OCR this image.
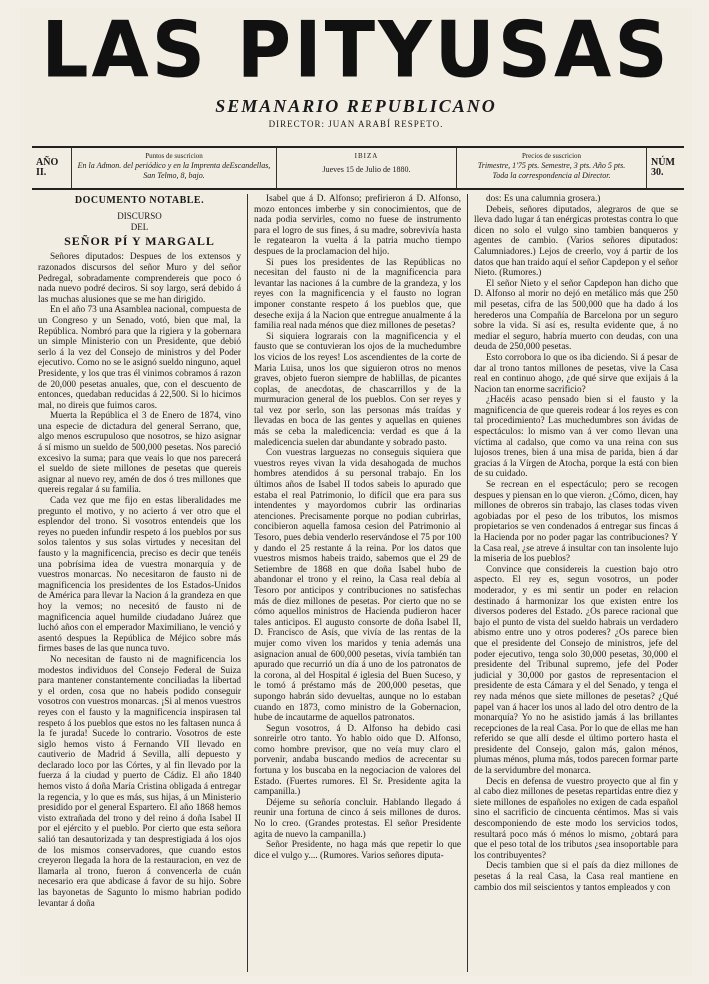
LAS PITYUSAS
SEMANARIO REPUBLICANO
DIRECTOR: JUAN ARABÍ RESPETO.
AÑO II.
Puntos de suscricion
En la Admon. del periódico y en la Imprenta deEscandellas, San Telmo, 8, bajo.
IBIZA
Jueves 15 de Julio de 1880.
Precios de suscricion
Trimestre, 1'75 pts. Semestre, 3 pts. Año 5 pts.
Toda la correspondencia al Director.
NÚM 30.
DOCUMENTO NOTABLE.
DISCURSO
DEL
SEÑOR PÍ Y MARGALL

Señores diputados: Despues de los extensos y razonados discursos del señor Muro y del señor Pedregal, sobradamente comprendereis que poco ó nada nuevo podré deciros. Si soy largo, será debido á las muchas alusiones que se me han dirigido.

En el año 73 una Asamblea nacional, compuesta de un Congreso y un Senado, votó, bien que mal, la República. Nombró para que la rigiera y la gobernara un simple Ministerio con un Presidente, que debió serlo á la vez del Consejo de ministros y del Poder ejecutivo. Como no se le asignó sueldo ninguno, aquel Presidente, y los que tras él vinimos cobramos á razon de 20,000 pesetas anuales, que, con el descuento de entonces, quedaban reducidas á 22,500. Si lo hicimos mal, no direis que fuimos caros.

Muerta la República el 3 de Enero de 1874, vino una especie de dictadura del general Serrano, que, algo menos escrupuloso que nosotros, se hizo asignar á sí mismo un sueldo de 500,000 pesetas. Nos pareció excesivo la suma; para que veais lo que nos parecerá el sueldo de siete millones de pesetas que quereis asignar al nuevo rey, amén de dos ó tres millones que quereis regalar á su familia.

Cada vez que me fijo en estas liberalidades me pregunto el motivo, y no acierto á ver otro que el esplendor del trono. Si vosotros entendeis que los reyes no pueden infundir respeto á los pueblos por sus solos talentos y sus solas virtudes y necesitan del fausto y la magnificencia, preciso es decir que tenéis una pobrísima idea de vuestra monarquía y de vuestros monarcas. No necesitaron de fausto ni de magnificencia los presidentes de los Estados-Unidos de América para llevar la Nacion á la grandeza en que hoy la vemos; no necesitó de fausto ni de magnificencia aquel humilde ciudadano Juárez que luchó años con el emperador Maximiliano, le venció y asentó despues la República de Méjico sobre más firmes bases de las que nunca tuvo.

No necesitan de fausto ni de magnificencia los modestos individuos del Consejo Federal de Suiza para mantener constantemente conciliadas la libertad y el orden, cosa que no habeis podido conseguir vosotros con vuestros monarcas. ¡Si al menos vuestros reyes con el fausto y la magnificencia inspirasen tal respeto á los pueblos que estos no les faltasen nunca á la fe jurada! Sucede lo contrario. Vosotros de este siglo hemos visto á Fernando VII llevado en cautiverio de Madrid á Sevilla, allí depuesto y declarado loco por las Córtes, y al fin llevado por la fuerza á la ciudad y puerto de Cádiz. El año 1840 hemos visto á doña María Cristina obligada á entregar la regencia, y lo que es más, sus hijas, á un Ministerio presidido por el general Espartero. El año 1868 hemos visto extrañada del trono y del reino á doña Isabel II por el ejército y el pueblo. Por cierto que esta señora salió tan desautorizada y tan desprestigiada á los ojos de los mismos conservadores, que cuando estos creyeron llegada la hora de la restauracion, en vez de llamarla al trono, fueron á convencerla de cuán necesario era que abdicase á favor de su hijo. Sobre las bayonetas de Sagunto lo mismo habrian podido levantar á doña

Isabel que á D. Alfonso; prefirieron á D. Alfonso, mozo entonces imberbe y sin conocimientos, que de nada podia servirles, como no fuese de instrumento para el logro de sus fines, á su madre, sobrevivía hasta le regatearon la vuelta á la patria mucho tiempo despues de la proclamacion del hijo.

Si pues los presidentes de las Repúblicas no necesitan del fausto ni de la magnificencia para levantar las naciones á la cumbre de la grandeza, y los reyes con la magnificencia y el fausto no logran imponer constante respeto á los pueblos que, que deseche exija á la Nacion que entregue anualmente á la familia real nada ménos que diez millones de pesetas?

Si siquiera lograrais con la magnificencia y el fausto que se contuvieran los ojos de la muchedumbre los vicios de los reyes! Los ascendientes de la corte de Maria Luisa, unos los que siguieron otros no menos graves, objeto fueron siempre de hablillas, de picantes coplas, de anecdotas, de chascarrillos y de la murmuracion general de los pueblos. Con ser reyes y tal vez por serlo, son las personas más traídas y llevadas en boca de las gentes y aquellas en quienes más se ceba la maledicencia: verdad es que á la maledicencia suelen dar abundante y sobrado pasto.

Con vuestras larguezas no conseguis siquiera que vuestros reyes vivan la vida desahogada de muchos hombres atendidos á su personal trabajo. En los últimos años de Isabel II todos sabeis lo apurado que estaba el real Patrimonio, lo difícil que era para sus intendentes y mayordomos cubrir las ordinarias atenciones. Precisamente porque no podian cubrirlas, concibieron aquella famosa cesion del Patrimonio al Tesoro, pues debia venderlo reservándose el 75 por 100 y dando el 25 restante á la reina. Por los datos que vuestros mismos habeis traido, sabemos que el 29 de Setiembre de 1868 en que doña Isabel hubo de abandonar el trono y el reino, la Casa real debía al Tesoro por anticipos y contribuciones no satisfechas más de diez millones de pesetas. Por cierto que no se cómo aquellos ministros de Hacienda pudieron hacer tales anticipos. El augusto consorte de doña Isabel II, D. Francisco de Asís, que vivía de las rentas de la mujer como viven los maridos y tenia además una asignacion anual de 600,000 pesetas, vivía también tan apurado que recurrió un día á uno de los patronatos de la corona, al del Hospital é iglesia del Buen Suceso, y le tomó á préstamo más de 200,000 pesetas, que supongo habrán sido devueltas, aunque no lo estaban cuando en 1873, como ministro de la Gobernacion, hube de incautarme de aquellos patronatos.

Segun vosotros, á D. Alfonso ha debido casi sonreirle otro tanto. Yo hablo oido que D. Alfonso, como hombre previsor, que no veía muy claro el porvenir, andaba buscando medios de acrecentar su fortuna y los buscaba en la negociacion de valores del Estado. (Fuertes rumores. El Sr. Presidente agita la campanilla.)

Déjeme su señoría concluir. Hablando llegado á reunir una fortuna de cinco á seis millones de duros. No lo creo. (Grandes protestas. El señor Presidente agita de nuevo la campanilla.)

Señor Presidente, no haga más que repetir lo que dice el vulgo y.... (Rumores. Varios señores diputa-

dos: Es una calumnia grosera.)

Debeis, señores diputados, alegraros de que se lleva dado lugar á tan enérgicas protestas contra lo que dicen no solo el vulgo sino tambien banqueros y agentes de cambio. (Varios señores diputados: Calumniadores.) Lejos de creerlo, voy á partir de los datos que han traido aquí el señor Capdepon y el señor Nieto. (Rumores.)

El señor Nieto y el señor Capdepon han dicho que D. Alfonso al morir no dejó en metálico más que 250 mil pesetas, cifra de las 500,000 que ha dado á los herederos una Compañía de Barcelona por un seguro sobre la vida. Si así es, resulta evidente que, á no mediar el seguro, habría muerto con deudas, con una deuda de 250,000 pesetas.

Esto corrobora lo que os iba diciendo. Si á pesar de dar al trono tantos millones de pesetas, vive la Casa real en continuo ahogo, ¿de qué sirve que exijais á la Nacion tan enorme sacrificio?

¿Hacéis acaso pensado bien si el fausto y la magnificencia de que quereis rodear á los reyes es con tal procedimiento? Las muchedumbres son ávidas de espectáculos: lo mismo van á ver como llevan una víctima al cadalso, que como va una reina con sus lujosos trenes, bien á una misa de parida, bien á dar gracias á la Vírgen de Atocha, porque la está con bien de su cuidado.

Se recrean en el espectáculo; pero se recogen despues y piensan en lo que vieron. ¿Cómo, dicen, hay millones de obreros sin trabajo, las clases todas viven agobiadas por el peso de los tributos, los mismos propietarios se ven condenados á entregar sus fincas á la Hacienda por no poder pagar las contribuciones? Y la Casa real, ¿se atreve á insultar con tan insolente lujo la miseria de los pueblos?

Convince que considereis la cuestion bajo otro aspecto. El rey es, segun vosotros, un poder moderador, y es mi sentir un poder en relacion destinado á harmonizar los que existen entre los diversos poderes del Estado. ¿Os parece racional que bajo el punto de vista del sueldo habrais un verdadero abismo entre uno y otros poderes? ¿Os parece bien que el presidente del Consejo de ministros, jefe del poder ejecutivo, tenga solo 30,000 pesetas, 30,000 el presidente del Tribunal supremo, jefe del Poder judicial y 30,000 por gastos de representacion el presidente de esta Cámara y el del Senado, y tenga el rey nada ménos que siete millones de pesetas? ¿Qué papel van á hacer los unos al lado del otro dentro de la monarquía? Yo no he asistido jamás á las brillantes recepciones de la real Casa. Por lo que de ellas me han referido se que allí desde el último portero hasta el presidente del Consejo, galon más, galon ménos, plumas ménos, pluma más, todos parecen formar parte de la servidumbre del monarca.

Decis en defensa de vuestro proyecto que al fin y al cabo diez millones de pesetas repartidas entre diez y siete millones de españoles no exigen de cada español sino el sacrificio de cincuenta céntimos. Mas si vais descomponiendo de este modo los servicios todos, resultará poco más ó ménos lo mismo, ¿obtará para que el peso total de los tributos ¿sea insoportable para los contribuyentes?

Decis tambien que si el país da diez millones de pesetas á la real Casa, la Casa real mantiene en cambio dos mil seiscientos y tantos empleados y con
